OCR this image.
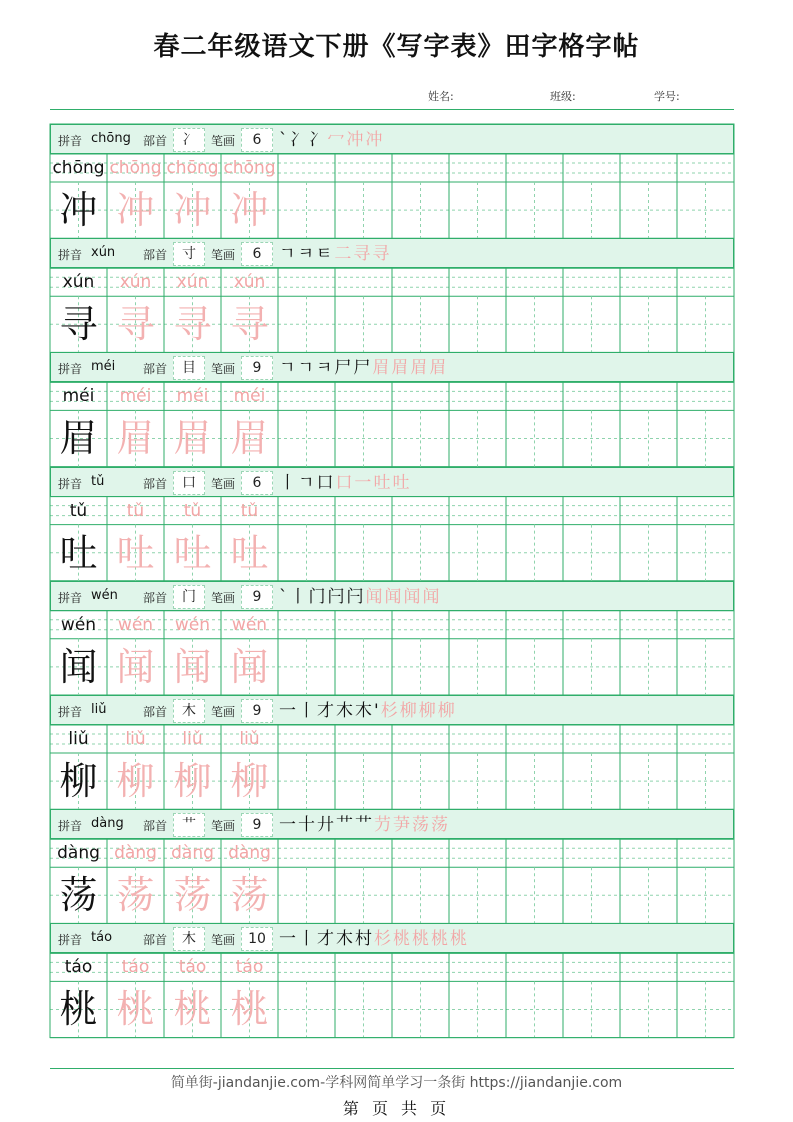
春二年级语文下册《写字表》田字格字帖
姓名:	班级:	学号:
拼音 chōng 部首	冫	笔画	6	`冫冫冖冲冲
chōng chōng chōng chōng
冲 冲 冲 冲
拼音 xún 部首	寸	笔画	6	ㄱㅋㅌ二寻寻
xún	xún	xún	xún
寻 寻 寻 寻
拼音 méi 部首	目	笔画	9	ㄱㄱㅋ尸尸眉眉眉眉
méi	méi	méi	méi
眉 眉 眉 眉
拼音 tǔ	部首	口	笔画	6	丨ㄱ口口一吐吐
tǔ	tǔ	tǔ	tǔ
吐 吐 吐 吐
拼音 wén 部首	门	笔画	9	`丨门闩闩闻闻闻闻
wén	wén	wén	wén
闻 闻 闻 闻
拼音 liǔ	部首	木	笔画	9	一丨才木木'杉柳柳柳
liǔ	liǔ	liǔ	liǔ
柳 柳 柳 柳
拼音 dàng 部首	艹	笔画	9	一十廾艹艹芀芛荡荡
dàng dàng dàng dàng
荡 荡 荡 荡
拼音 táo	部首	木	笔画 10 一丨才木村杉桃桃桃桃
táo	táo	táo	táo
桃 桃 桃 桃
简单街-jiandanjie.com-学科网简单学习一条街 https://jiandanjie.com
第 页 共 页
